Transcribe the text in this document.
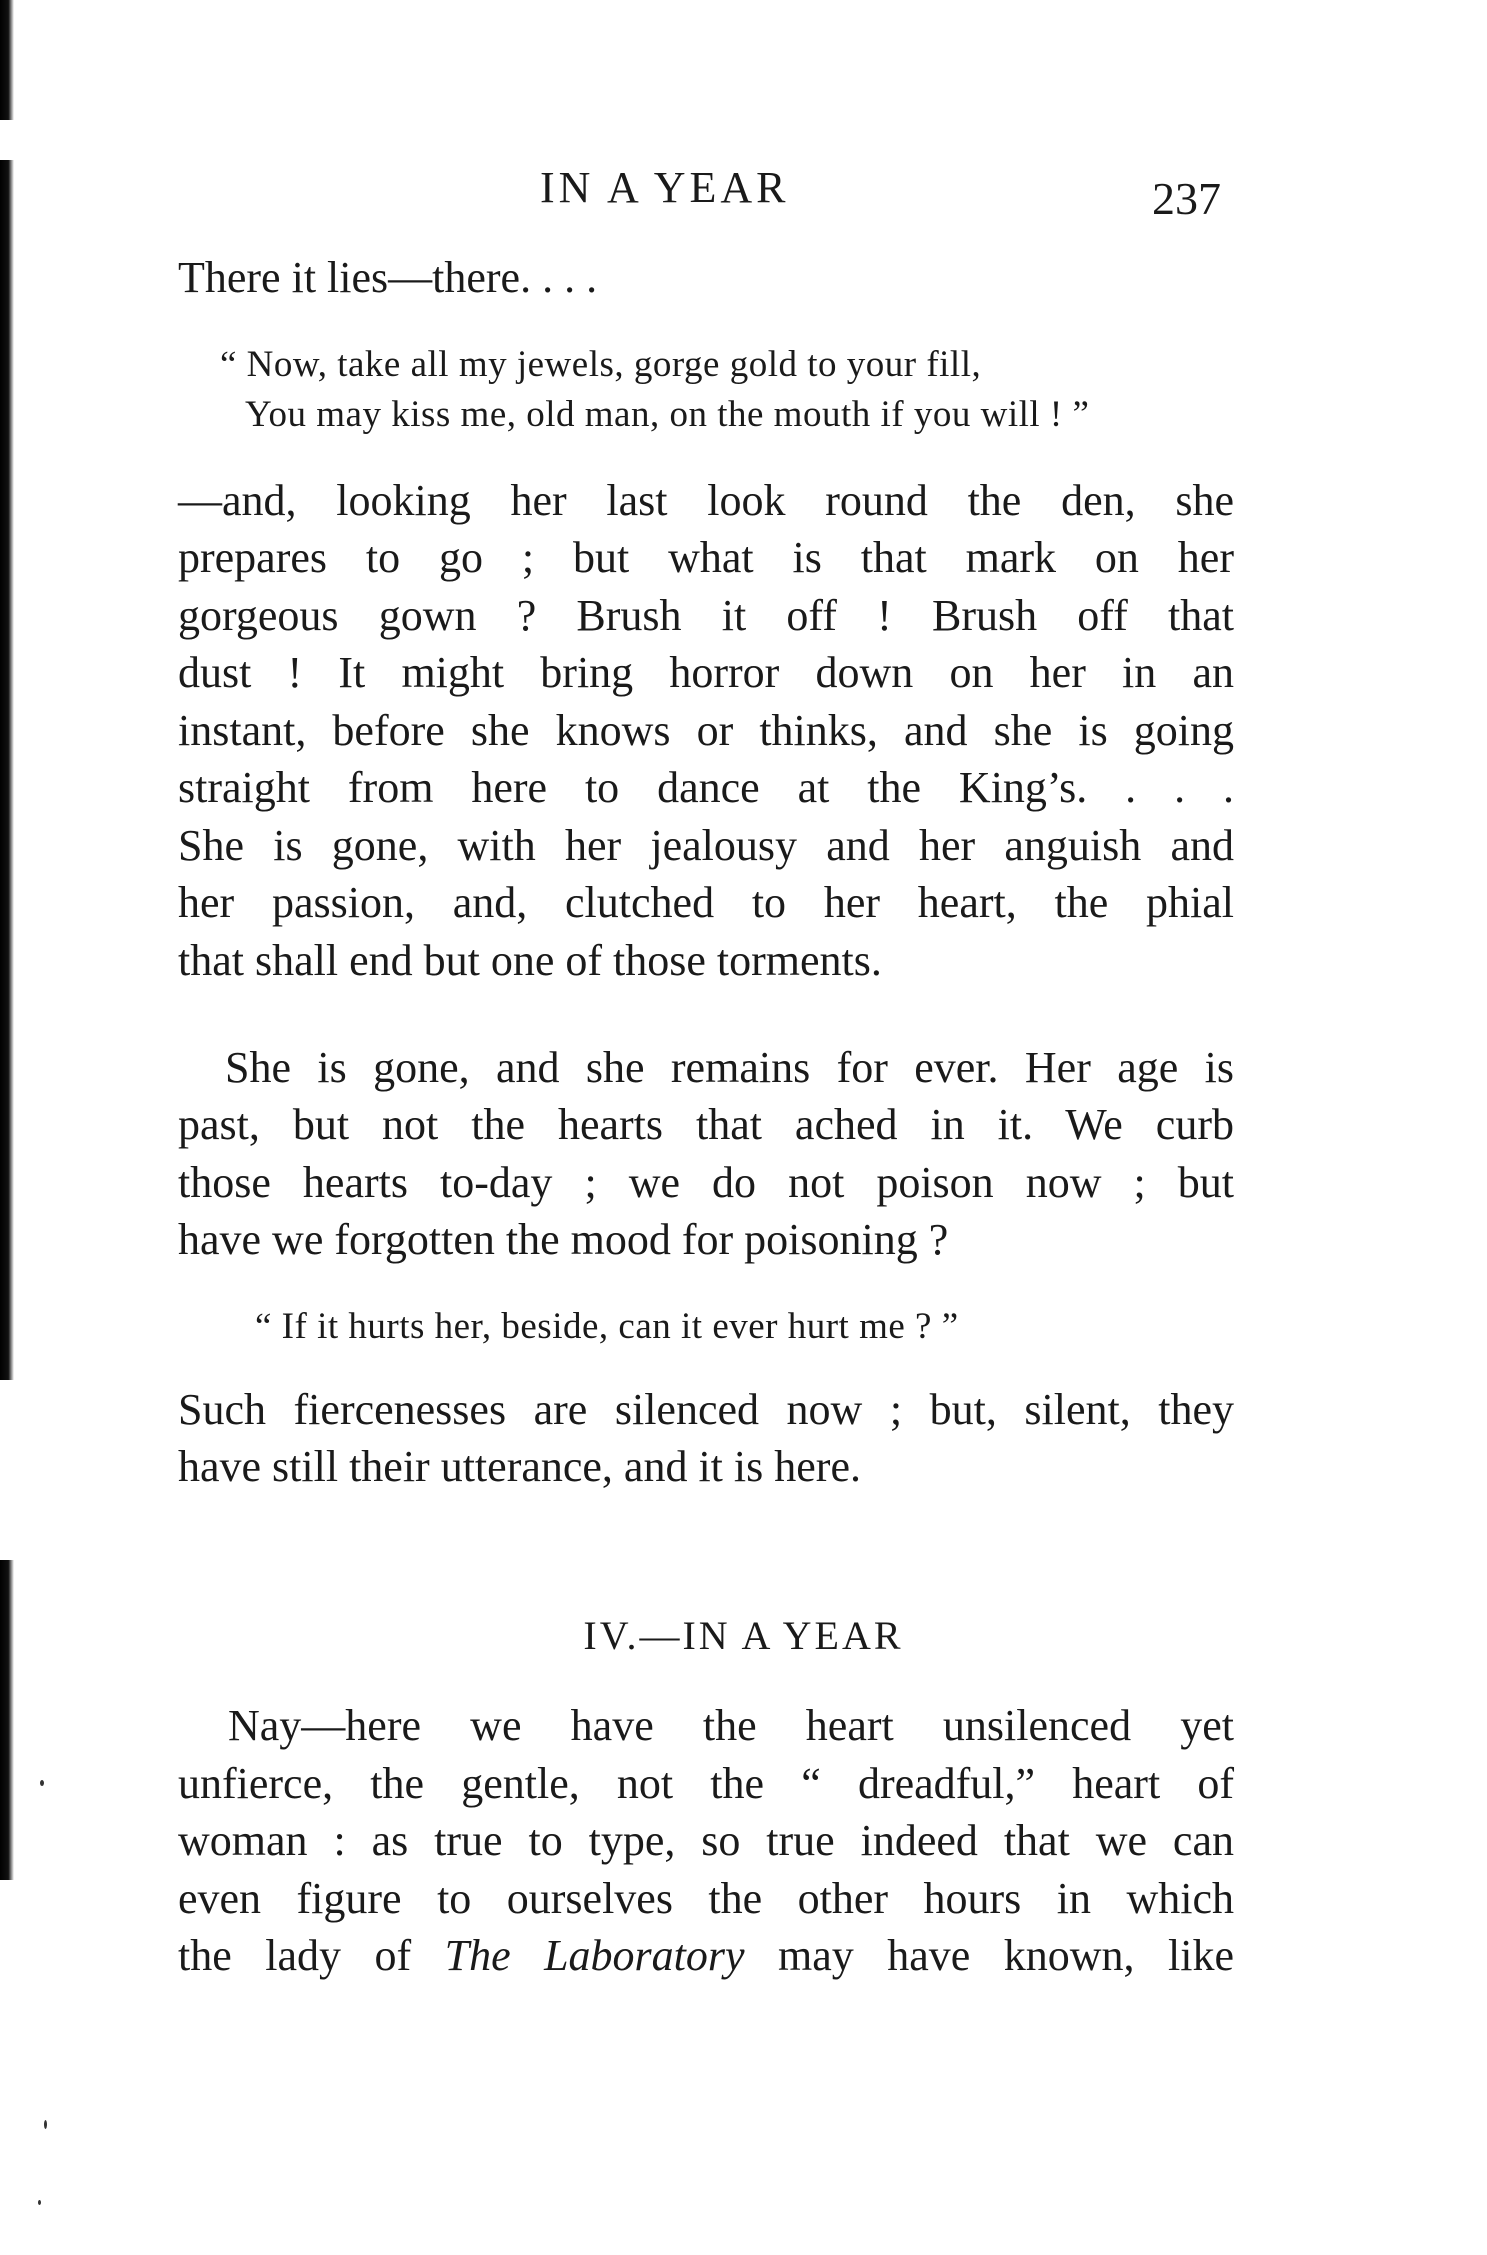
IN A YEAR	237
There it lies—there. . . .
“ Now, take all my jewels, gorge gold to your fill,
You may kiss me, old man, on the mouth if you will ! ”
—and, looking her last look round the den, she
prepares to go ; but what is that mark on her
gorgeous gown ? Brush it off ! Brush off that
dust ! It might bring horror down on her in an
instant, before she knows or thinks, and she is going
straight from here to dance at the King’s. . . .
She is gone, with her jealousy and her anguish and
her passion, and, clutched to her heart, the phial
that shall end but one of those torments.
She is gone, and she remains for ever. Her age is
past, but not the hearts that ached in it. We curb
those hearts to-day ; we do not poison now ; but
have we forgotten the mood for poisoning ?
“ If it hurts her, beside, can it ever hurt me ? ”
Such fiercenesses are silenced now ; but, silent, they
have still their utterance, and it is here.
IV.—IN A YEAR
Nay—here we have the heart unsilenced yet
unfierce, the gentle, not the “ dreadful,” heart of
woman : as true to type, so true indeed that we can
even figure to ourselves the other hours in which
the lady of The Laboratory may have known, like
